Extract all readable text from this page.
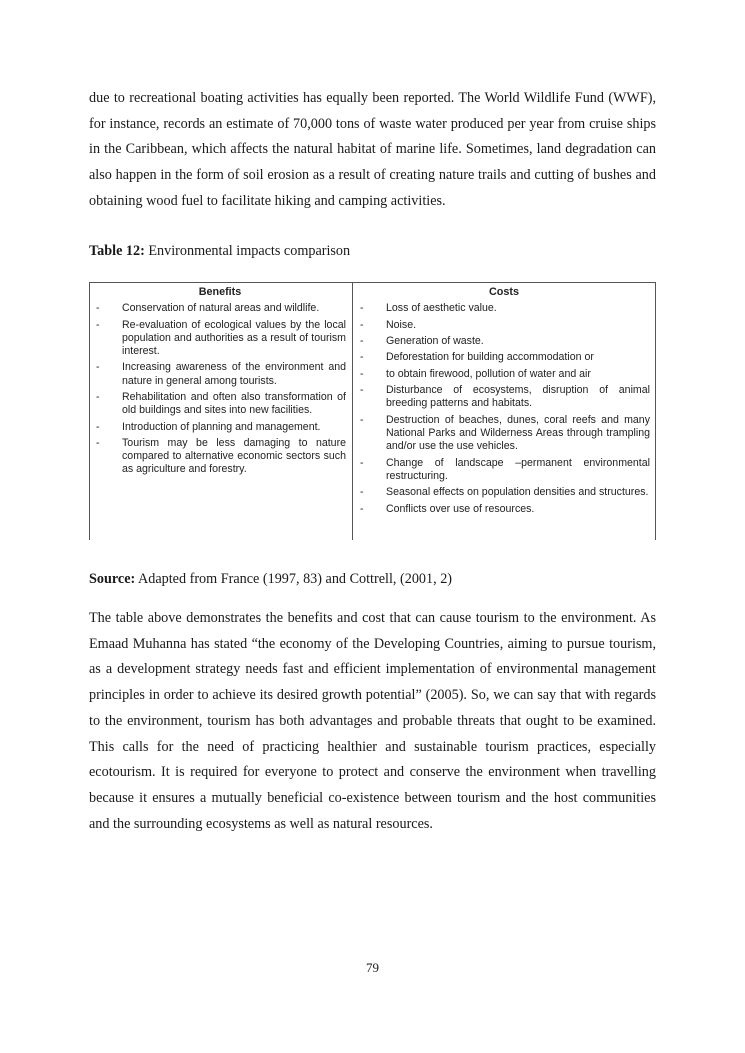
due to recreational boating activities has equally been reported. The World Wildlife Fund (WWF), for instance, records an estimate of 70,000 tons of waste water produced per year from cruise ships in the Caribbean, which affects the natural habitat of marine life. Sometimes, land degradation can also happen in the form of soil erosion as a result of creating nature trails and cutting of bushes and obtaining wood fuel to facilitate hiking and camping activities.

Table 12: Environmental impacts comparison

Benefits
- Conservation of natural areas and wildlife.
- Re-evaluation of ecological values by the local population and authorities as a result of tourism interest.
- Increasing awareness of the environment and nature in general among tourists.
- Rehabilitation and often also transformation of old buildings and sites into new facilities.
- Introduction of planning and management.
- Tourism may be less damaging to nature compared to alternative economic sectors such as agriculture and forestry.
Costs
- Loss of aesthetic value.
- Noise.
- Generation of waste.
- Deforestation for building accommodation or
- to obtain firewood, pollution of water and air
- Disturbance of ecosystems, disruption of animal breeding patterns and habitats.
- Destruction of beaches, dunes, coral reefs and many National Parks and Wilderness Areas through trampling and/or use the use vehicles.
- Change of landscape –permanent environmental restructuring.
- Seasonal effects on population densities and structures.
- Conflicts over use of resources.

Source: Adapted from France (1997, 83) and Cottrell, (2001, 2)

The table above demonstrates the benefits and cost that can cause tourism to the environment. As Emaad Muhanna has stated “the economy of the Developing Countries, aiming to pursue tourism, as a development strategy needs fast and efficient implementation of environmental management principles in order to achieve its desired growth potential” (2005). So, we can say that with regards to the environment, tourism has both advantages and probable threats that ought to be examined. This calls for the need of practicing healthier and sustainable tourism practices, especially ecotourism. It is required for everyone to protect and conserve the environment when travelling because it ensures a mutually beneficial co-existence between tourism and the host communities and the surrounding ecosystems as well as natural resources.

79
